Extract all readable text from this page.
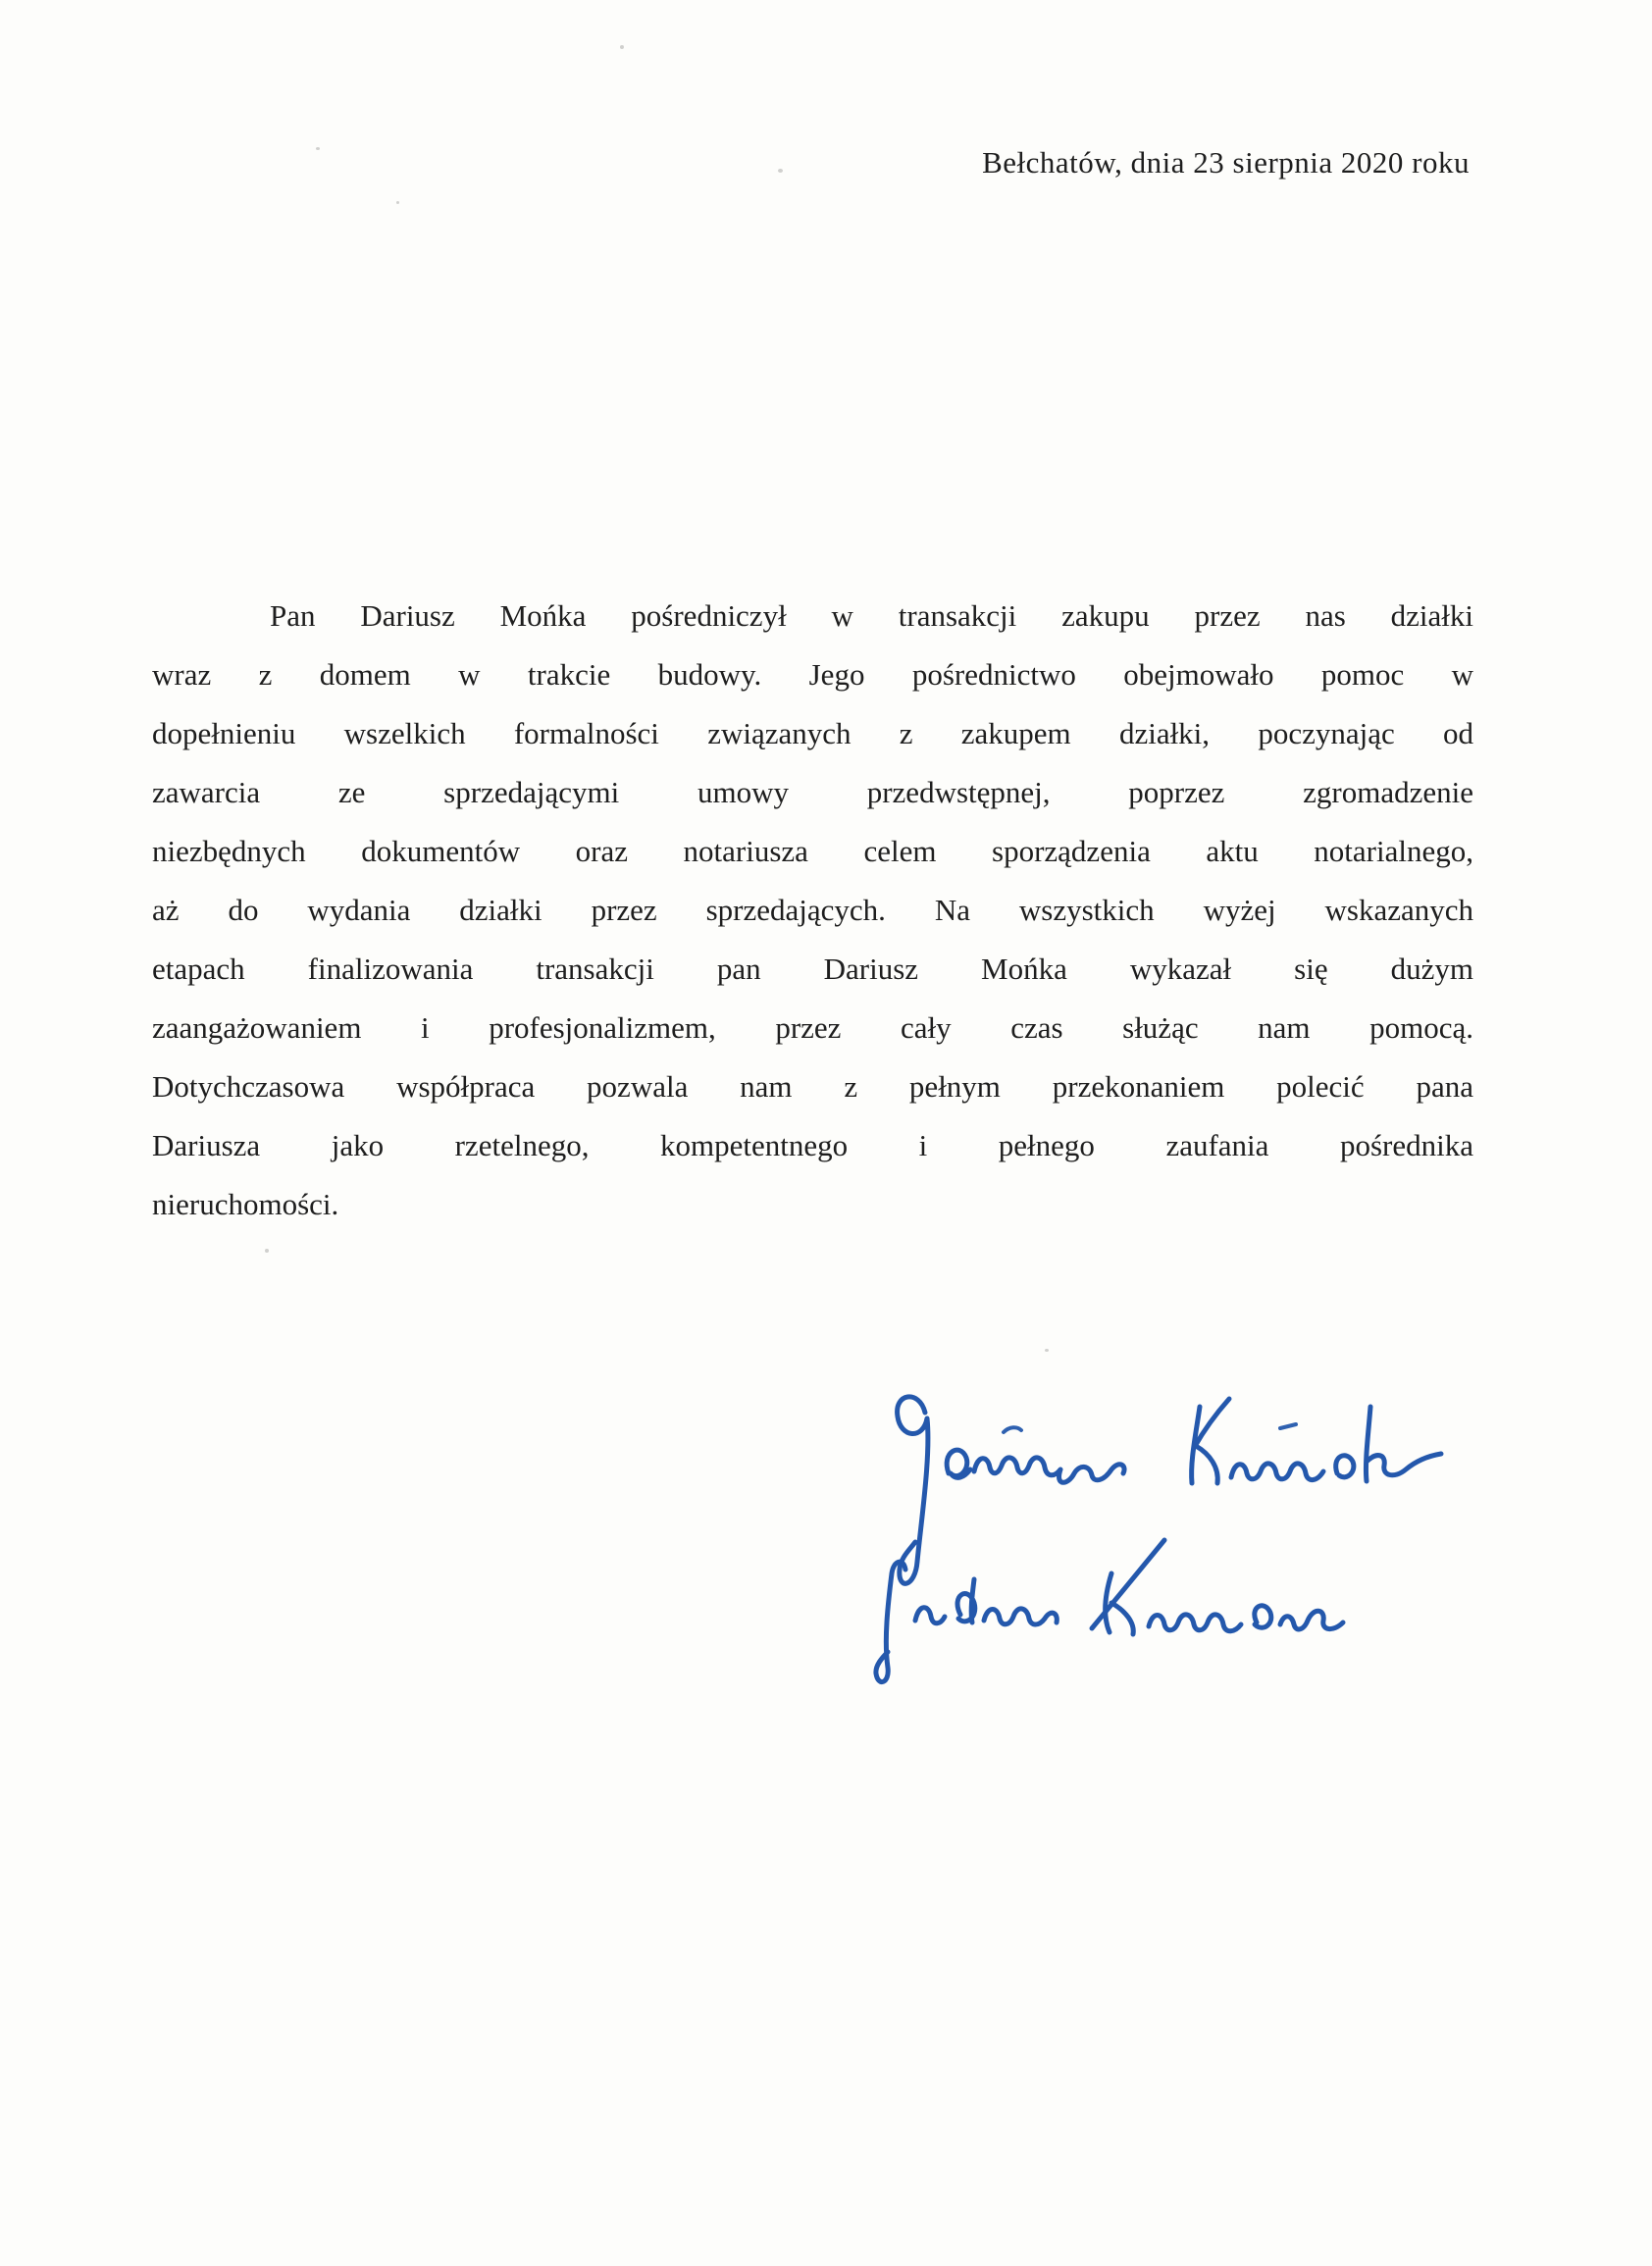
Bełchatów, dnia 23 sierpnia 2020 roku
Pan Dariusz Mońka pośredniczył w transakcji zakupu przez nas działki
wraz z domem w trakcie budowy. Jego pośrednictwo obejmowało pomoc w
dopełnieniu wszelkich formalności związanych z zakupem działki, poczynając od
zawarcia ze sprzedającymi umowy przedwstępnej, poprzez zgromadzenie
niezbędnych dokumentów oraz notariusza celem sporządzenia aktu notarialnego,
aż do wydania działki przez sprzedających. Na wszystkich wyżej wskazanych
etapach finalizowania transakcji pan Dariusz Mońka wykazał się dużym
zaangażowaniem i profesjonalizmem, przez cały czas służąc nam pomocą.
Dotychczasowa współpraca pozwala nam z pełnym przekonaniem polecić pana
Dariusza jako rzetelnego, kompetentnego i pełnego zaufania pośrednika
nieruchomości.
